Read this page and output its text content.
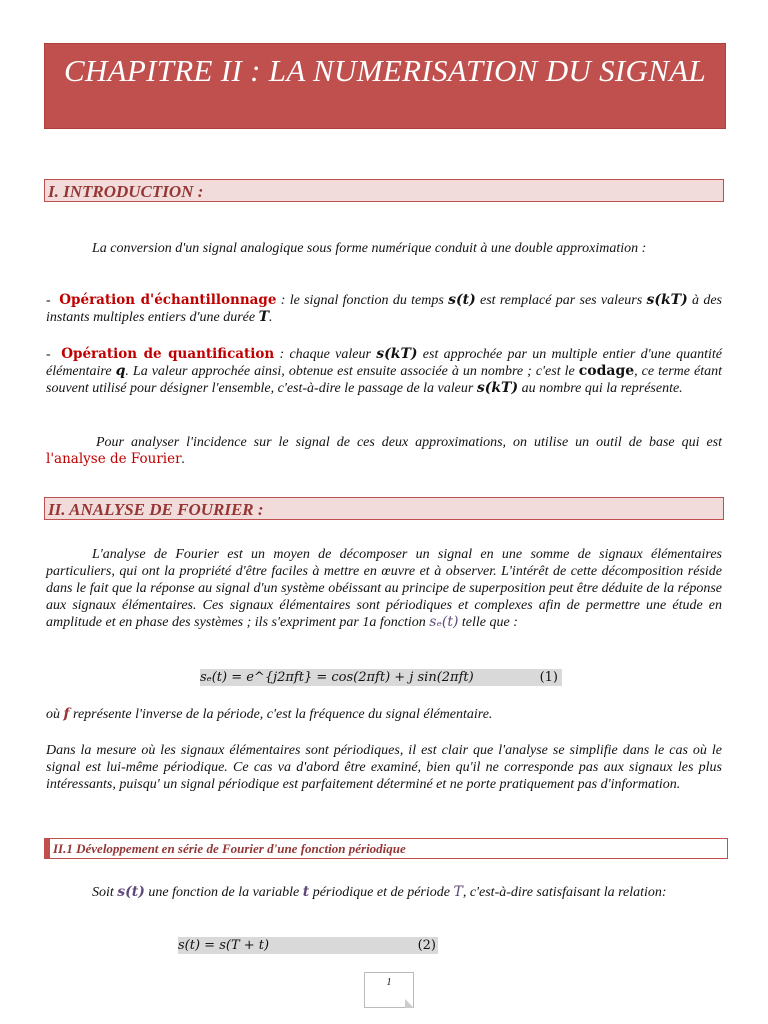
CHAPITRE II : LA NUMERISATION DU SIGNAL
I. INTRODUCTION :
La conversion d'un signal analogique sous forme numérique conduit à une double approximation :
-  Opération d'échantillonnage : le signal fonction du temps s(t) est remplacé par ses valeurs s(kT) à des instants multiples entiers d'une durée T.
-  Opération de quantification : chaque valeur s(kT) est approchée par un multiple entier d'une quantité élémentaire q. La valeur approchée ainsi, obtenue est ensuite associée à un nombre ; c'est le codage, ce terme étant souvent utilisé pour désigner l'ensemble, c'est-à-dire le passage de la valeur s(kT) au nombre qui la représente.
Pour analyser l'incidence sur le signal de ces deux approximations, on utilise un outil de base qui est l'analyse de Fourier.
II. ANALYSE DE FOURIER :
L'analyse de Fourier est un moyen de décomposer un signal en une somme de signaux élémentaires particuliers, qui ont la propriété d'être faciles à mettre en œuvre et à observer. L'intérêt de cette décomposition réside dans le fait que la réponse au signal d'un système obéissant au principe de superposition peut être déduite de la réponse aux signaux élémentaires. Ces signaux élémentaires sont périodiques et complexes afin de permettre une étude en amplitude et en phase des systèmes ; ils s'expriment par 1a fonction sₑ(t) telle que :
sₑ(t) = e^{j2πft} = cos(2πft) + j sin(2πft)	(1)
où f représente l'inverse de la période, c'est la fréquence du signal élémentaire.
Dans la mesure où les signaux élémentaires sont périodiques, il est clair que l'analyse se simplifie dans le cas où le signal est lui-même périodique. Ce cas va d'abord être examiné, bien qu'il ne corresponde pas aux signaux les plus intéressants, puisqu' un signal périodique est parfaitement déterminé et ne porte pratiquement pas d'information.
II.1 Développement en série de Fourier d'une fonction périodique
Soit s(t) une fonction de la variable t périodique et de période T, c'est-à-dire satisfaisant la relation:
s(t) = s(T + t)	(2)
1
